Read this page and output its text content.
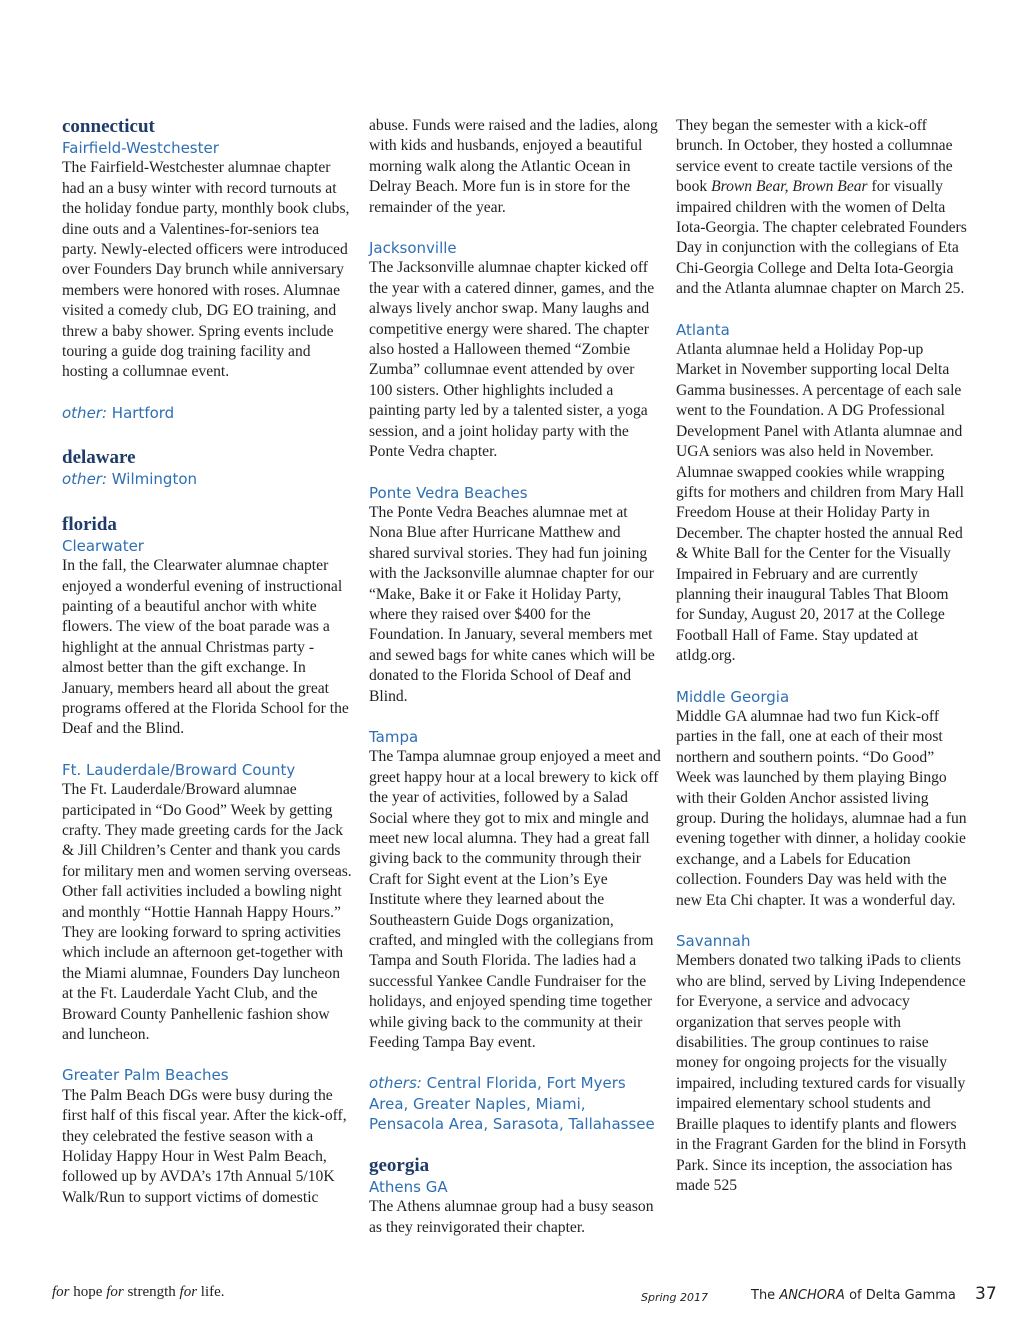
connecticut

Fairfield-Westchester

The Fairfield-Westchester alumnae chapter had an a busy winter with record turnouts at the holiday fondue party, monthly book clubs, dine outs and a Valentines-for-seniors tea party. Newly-elected officers were introduced over Founders Day brunch while anniversary members were honored with roses. Alumnae visited a comedy club, DG EO training, and threw a baby shower. Spring events include touring a guide dog training facility and hosting a collumnae event.

other: Hartford

delaware

other: Wilmington

florida

Clearwater

In the fall, the Clearwater alumnae chapter enjoyed a wonderful evening of instructional painting of a beautiful anchor with white flowers. The view of the boat parade was a highlight at the annual Christmas party - almost better than the gift exchange. In January, members heard all about the great programs offered at the Florida School for the Deaf and the Blind.

Ft. Lauderdale/Broward County

The Ft. Lauderdale/Broward alumnae participated in “Do Good” Week by getting crafty. They made greeting cards for the Jack & Jill Children’s Center and thank you cards for military men and women serving overseas. Other fall activities included a bowling night and monthly “Hottie Hannah Happy Hours.” They are looking forward to spring activities which include an afternoon get-together with the Miami alumnae, Founders Day luncheon at the Ft. Lauderdale Yacht Club, and the Broward County Panhellenic fashion show and luncheon.

Greater Palm Beaches

The Palm Beach DGs were busy during the first half of this fiscal year. After the kick-off, they celebrated the festive season with a Holiday Happy Hour in West Palm Beach, followed up by AVDA’s 17th Annual 5/10K Walk/Run to support victims of domestic

abuse. Funds were raised and the ladies, along with kids and husbands, enjoyed a beautiful morning walk along the Atlantic Ocean in Delray Beach. More fun is in store for the remainder of the year.

Jacksonville

The Jacksonville alumnae chapter kicked off the year with a catered dinner, games, and the always lively anchor swap. Many laughs and competitive energy were shared. The chapter also hosted a Halloween themed “Zombie Zumba” collumnae event attended by over 100 sisters. Other highlights included a painting party led by a talented sister, a yoga session, and a joint holiday party with the Ponte Vedra chapter.

Ponte Vedra Beaches

The Ponte Vedra Beaches alumnae met at Nona Blue after Hurricane Matthew and shared survival stories. They had fun joining with the Jacksonville alumnae chapter for our “Make, Bake it or Fake it Holiday Party, where they raised over $400 for the Foundation. In January, several members met and sewed bags for white canes which will be donated to the Florida School of Deaf and Blind.

Tampa

The Tampa alumnae group enjoyed a meet and greet happy hour at a local brewery to kick off the year of activities, followed by a Salad Social where they got to mix and mingle and meet new local alumna. They had a great fall giving back to the community through their Craft for Sight event at the Lion’s Eye Institute where they learned about the Southeastern Guide Dogs organization, crafted, and mingled with the collegians from Tampa and South Florida. The ladies had a successful Yankee Candle Fundraiser for the holidays, and enjoyed spending time together while giving back to the community at their Feeding Tampa Bay event.

others: Central Florida, Fort Myers Area, Greater Naples, Miami, Pensacola Area, Sarasota, Tallahassee

georgia

Athens GA

The Athens alumnae group had a busy season as they reinvigorated their chapter.

They began the semester with a kick-off brunch. In October, they hosted a collumnae service event to create tactile versions of the book Brown Bear, Brown Bear for visually impaired children with the women of Delta Iota-Georgia. The chapter celebrated Founders Day in conjunction with the collegians of Eta Chi-Georgia College and Delta Iota-Georgia and the Atlanta alumnae chapter on March 25.

Atlanta

Atlanta alumnae held a Holiday Pop-up Market in November supporting local Delta Gamma businesses. A percentage of each sale went to the Foundation. A DG Professional Development Panel with Atlanta alumnae and UGA seniors was also held in November. Alumnae swapped cookies while wrapping gifts for mothers and children from Mary Hall Freedom House at their Holiday Party in December. The chapter hosted the annual Red & White Ball for the Center for the Visually Impaired in February and are currently planning their inaugural Tables That Bloom for Sunday, August 20, 2017 at the College Football Hall of Fame. Stay updated at atldg.org.

Middle Georgia

Middle GA alumnae had two fun Kick-off parties in the fall, one at each of their most northern and southern points. “Do Good” Week was launched by them playing Bingo with their Golden Anchor assisted living group. During the holidays, alumnae had a fun evening together with dinner, a holiday cookie exchange, and a Labels for Education collection. Founders Day was held with the new Eta Chi chapter. It was a wonderful day.

Savannah

Members donated two talking iPads to clients who are blind, served by Living Independence for Everyone, a service and advocacy organization that serves people with disabilities. The group continues to raise money for ongoing projects for the visually impaired, including textured cards for visually impaired elementary school students and Braille plaques to identify plants and flowers in the Fragrant Garden for the blind in Forsyth Park. Since its inception, the association has made 525

for hope for strength for life.	Spring 2017	The ANCHORA of Delta Gamma 37
